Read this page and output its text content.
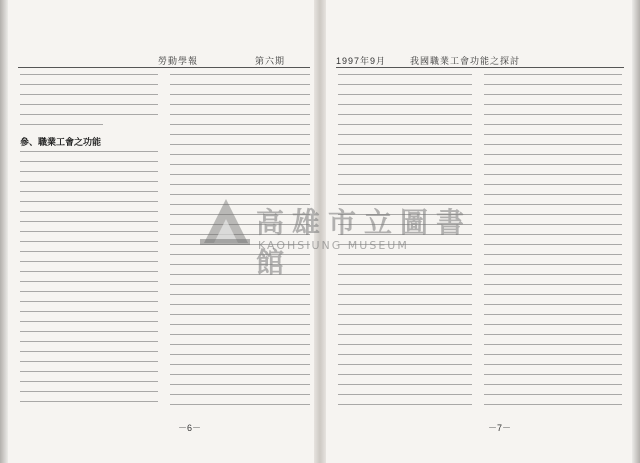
勞動學報	第六期
參、職業工會之功能
－6－
1997年9月	我國職業工會功能之探討
－7－
高雄市立圖書館
KAOHSIUNG MUSEUM
